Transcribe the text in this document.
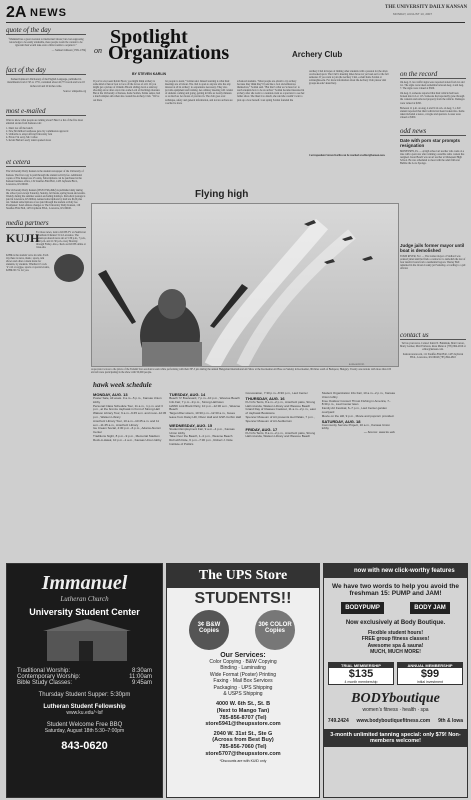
2A NEWS	THE UNIVERSITY DAILY KANSAN
MONDAY, AUGUST 13, 2007
quote of the day
“Mankind has a great aversion to intellectual labour; but even supposing knowledge to be easily attainable, more people would be content to be ignorant than would take even a little trouble to acquire it.”
— Samuel Johnson (1709–1784)
fact of the day
Samuel Johnson’s Dictionary of the English Language, published in installments from 1745 to 1755, contained about 42,773 words and was 18 inches tall and 20 inches wide.
Source: wikipedia.org
most e-mailed
Want to know what people are talking about? Here’s a list of the five most emailed stories from Kansan.com:
1. Dani: not off the bench
2. New $6 million boathouse gets city commission approval
3. Uniforms to adopt official University font
4. Envio I’m sorry, Mr. Coffee
5. Kevin Harlan’s early talent opened doors
et cetera
The University Daily Kansan is the student newspaper of the University of Kansas. The first copy is paid through the student activity fee. Additional copies of The Kansan are 25 cents. Subscriptions can be purchased at the Kansan business office, 119 Stauffer-Flint Hall, 1435 Jayhawk Blvd., Lawrence, KS 66045.
The University Daily Kansan (ISSN 0746-4962) is published daily during the school year except Saturday, Sunday, fall break, spring break and exams. Weekly during the summer session excluding holidays. Periodical postage is paid in Lawrence, KS 66044. Annual subscriptions by mail are $120 plus tax. Student subscriptions of are paid through the student activity fee. Postmaster: Send address changes to The University Daily Kansan, 119 Stauffer-Flint Hall, 1435 Jayhawk Blvd., Lawrence, KS 66045.
media partners
KUJH
For more news, turn to KUJH-TV on Sunflower Broadband Channel 31 in Lawrence. The student-produced news airs at 5:30 p.m., 7 p.m., 9:30 p.m. and 11:30 p.m. every Monday through Friday. Also, check out KUJH online at tv.ku.edu.
KJHK is the student voice in radio. Each day there is news, music, sports, talk shows and other content made for students, by students. Whether it’s rock ’n’ roll or reggae, sports or special events, KJHK 90.7 is for you.
Spotlight
on Organizations	Archery Club
BY STEVEN KARLIN
If you’ve ever seen Robin Hood, you might think archery is some kind of heroic feat to face off the forces of evil. Or you might get a picture of Orlando Bloom sliding down a stairway shooting arrow after arrow into some Lord of the Rings monster. But at the University of Kansas, Katie Soldan, Salina senior, had a much simpler aim when she created the Archery Club. “We’re out there
for people to learn,” Soldan said. Indeed learning is what their meetings are all about. The club is open to anyone who has any interest at all in archery; no experience necessary. They also provide equipment and training. An ordinary meeting will consist of students coming and going, getting in little as twenty minutes or as much as two hours of practice in. The club goes over technique, safety and general information, and novice archers are coached to more
advanced students. “Most people are afraid to try archery because they think they’ll look like a fool and embarrass themselves,” Soldan said. “But that’s what we’re here for: to teach students how to be an archer.” Soldan became interested in archery after she went to a reunion event as a spectator to see her father shoot. She liked it so much, she said she couldn’t wait to pick up a bow herself. Last spring Soldan founded the
Archery Club in hopes of finding other students with a passion for the often overlooked sport. The Club’s meeting times have not yet been set for the fall semester. If you want to join the Archery Club, e-mail Katie Soldan at soldan@ku.edu. For more information about the Archery Club please visit groups.ku.edu/~kuarchery.
Correspondent Steven Karlin can be reached at editor@kansan.com.
Flying high
KANSAS PHOTO
A spectator waves to the pilots of the Turkish Star aerobatics team while performing with their NF-5 jets during the annual Hungarian International Air Show at the Kecskemet Air Base on Sunday in Kecskemet, 86 miles south of Budapest, Hungary. Twenty one nations with more than 100 aircraft were participating in the show with 50,000 people.
hawk week schedule
MONDAY, AUG. 13
Poster Sale, All week. 9 a.m.–5 p.m., Kansas Union lobby
Personal Class Schedule Tour, 11 a.m., 1 p.m. and 3 p.m., at the bronze Jayhawk in front of Strong Hall
Watson Library Tour, 9 a.m.–9:45 a.m. and noon–12:45 p.m., Watson Library
Anschutz Library Tour, 10 a.m.–10:45 a.m. and 11 a.m.–11:45 a.m., Anschutz Library
Ice Cream Social, 4:30 p.m.–6 p.m., Adams Alumni Center
Traditions Night, 8 p.m.–9 p.m., Memorial Stadium
Rock-A-Hawk, 10 p.m.–1 a.m., Kansas Union lobby
TUESDAY, AUG. 14
Beach ‘N’ Boulevard, 7 p.m.–10 p.m., Wescoe Beach
Info Fair, 7 p.m.–9 p.m., Strong Hall lawn
HAWK Link Block Party, 10 p.m.–12:30 a.m., Wescoe Beach
Target After-Hours, 10:30 p.m.–12:30 a.m., buses leave from Daisy Hill, Oliver Hall and GSP-Corbin Hall
WEDNESDAY, AUG. 15
Student Employment Fair, 9 a.m.–4 p.m., Kansas Union lobby
Take Over the Beach, 1–4 p.m., Wescoe Beach
Roll with Dole, 6 p.m.–7:30 p.m., Robert J. Dole Institute of Politics
Convocation, 7:30 p.m.–8:30 p.m., Lied Center
THURSDAY, AUG. 16
KU Info Tents, 8 a.m.–2 p.m., Anschutz patio, Strong Hall rotunda, Watson Library and Wescoe Beach
Grand Day of Classes Cookout, 11 a.m.–2 p.m., east of Jayhawk Bookstore
Spencer Museum of Art presents Het Palais, 7 p.m., Spencer Museum of Art Auditorium
FRIDAY, AUG. 17
KU Info Tents, 8 a.m.–2 p.m., Anschutz patio, Strong Hall rotunda, Watson Library and Wescoe Beach
Student Organization Info Fair, 10 a.m.–2 p.m., Kansas Union lobby
Free Outdoor Concert Thrust Fishing in America, 7–8:30 p.m., Lied Center lawn
Family Art Festival, 6–7 p.m., Lied Center garden courtyard
Movie on the Hill, 9 p.m., Movie and popcorn provided.
SATURDAY, AUG. 18
Community Service Project, 10 a.m., Kansas Union lobby
— Source: www.ku.edu
on the record
On Aug. 8, two traffic signs were reported stolen from 1st and 1st. The signs were taken sometime between Aug. 4 and Aug. 7. The signs were valued at $500.
On Aug. 6, someone reported that their vehicle had been broken into in Lot 115. Someone had reportedly gone through the contents and removed property from the vehicle. Damages were valued at $450.
Between 11 p.m. on Aug. 4 and 9:14 a.m. on Aug. 5, a KU student reported that their vehicle had been broken into. Items taken included a stereo, cologne and quarters. Losses were valued at $300.
odd news
Date with porn star prompts resignation
MONESSEN, Pa. — A high school art teacher who went on a date with a porn star after winning a satellite radio contest has resigned. Jason Beach was an art teacher at Monessen High School. He was scheduled to meet with the adult film star Bubble the Love Sponge.
Judge jails former mayor until boat is demolished
TOMS RIVER, N.J. — The former mayor of Stafford was ordered jailed until he finds a contractor to demolish the last of four derelict boats from a residential lagoon. Wesley Bell remained in the Ocean County jail Saturday, according to a jail official.
contact us
Tell us your news. Contact Kirsti N. Bahnmuk, Matt Carson, Marty Gomez, Matt Erickson, Reza Mann at (785) 864-4810 or editor@kansan.com.
Kansan newsroom, 111 Stauffer-Flint Hall, 1435 Jayhawk Blvd., Lawrence, KS 66045 (785) 864-4810
Immanuel
Lutheran Church
University Student Center
Traditional Worship:	8:30am
Contemporary Worship:	11:00am
Bible Study Classes:	9:45am
Thursday Student Supper: 5:30pm
Lutheran Student Fellowship
www.ku.edu/~lsf
Student Welcome Free BBQ
Saturday, August 18th 5:30–7:00pm
843-0620
The UPS Store
STUDENTS!!
3¢ B&W Copies
30¢ COLOR Copies
Our Services:
Color Copying · B&W Copying
Binding · Laminating
Wide Format (Poster) Printing
Faxing · Mail Box Services
Packaging · UPS Shipping
& USPS Shipping
4000 W. 6th St., St. B
(Next to Mango Tan)
785-856-8707 (Tel)
store5941@theupsstore.com
2040 W. 31st St., Ste G
(Across from Best Buy)
785-856-7060 (Tel)
store5707@theupsstore.com
*Discounts are with KUID only
now with new click-worthy features
We have two words to help you avoid the freshman 15: PUMP and JAM!
BODYPUMP	BODY JAM
Now exclusively at Body Boutique.
Flexible student hours!
FREE group fitness classes!
Awesome spa & sauna!
MUCH, MUCH MORE!
TRIAL MEMBERSHIP
$135
4 month membership
ANNUAL MEMBERSHIP
$99
initial investment
BODYboutique
women’s fitness · health · spa
749.2424 www.bodyboutiquefitness.com 9th & Iowa
3-month unlimited tanning special: only $79! Non-members welcome!
